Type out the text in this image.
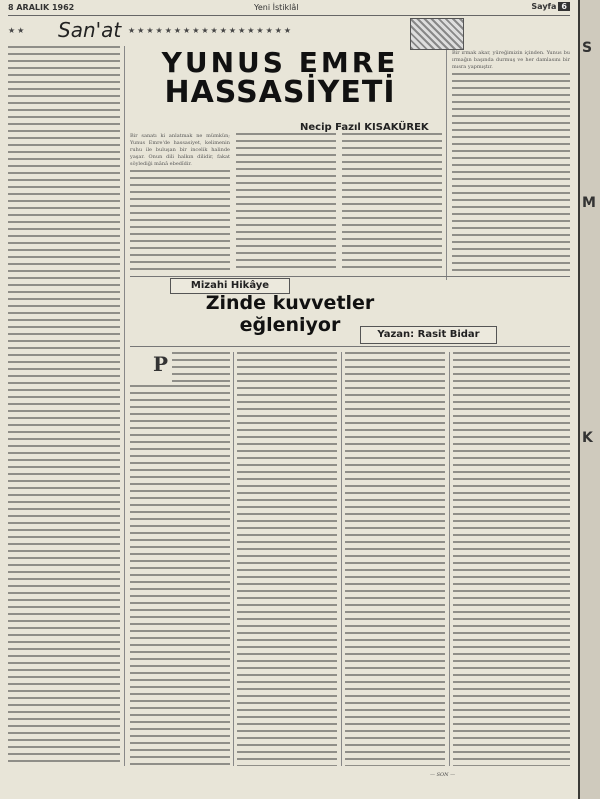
8 ARALIK 1962	Yeni İstiklâl	Sayfa 6
★★ San'at ★★★★★★★★★★★★★★★★★★
YUNUS EMRE
HASSASİYETİ
Necip Fazıl KISAKÜREK

Bir sanatı ki anlatmak ne mümkün; Yunus Emre'de hassasiyet, kelimenin ruhu ile buluşan bir incelik halinde yaşar. Onun dili halkın dilidir, fakat söylediği mânâ ebedîdir.

Bir ırmak akar, yüreğimizin içinden. Yunus bu ırmağın başında durmuş ve her damlasını bir mısra yapmıştır.

Mizahi Hikâye
Zinde kuvvetler eğleniyor	Yazan: Rasit Bidar
P
— SON —
S
M
K
